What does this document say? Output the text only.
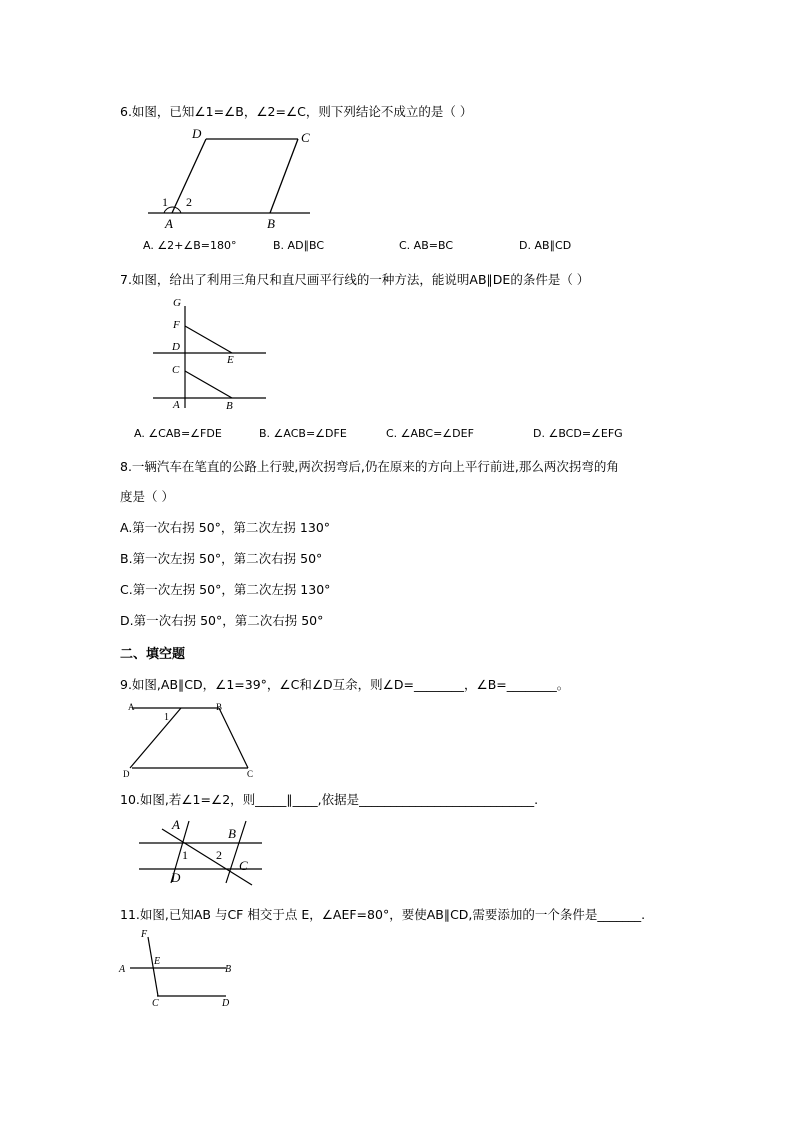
6.如图，已知∠1=∠B，∠2=∠C，则下列结论不成立的是（ ）
D	C
A	B
1 2
A. ∠2+∠B=180°	B. AD∥BC	C. AB=BC	D. AB∥CD
7.如图，给出了利用三角尺和直尺画平行线的一种方法，能说明AB∥DE的条件是（ ）
G
F
D
E
C
A	B
A. ∠CAB=∠FDE	B. ∠ACB=∠DFE	C. ∠ABC=∠DEF	D. ∠BCD=∠EFG
8.一辆汽车在笔直的公路上行驶,两次拐弯后,仍在原来的方向上平行前进,那么两次拐弯的角
度是（ ）
A.第一次右拐 50°，第二次左拐 130°
B.第一次左拐 50°，第二次右拐 50°
C.第一次左拐 50°，第二次左拐 130°
D.第一次右拐 50°，第二次右拐 50°
二、填空题
9.如图,AB∥CD，∠1=39°，∠C和∠D互余，则∠D=________，∠B=________。
A	B
D	C
1
10.如图,若∠1=∠2，则_____∥____,依据是____________________________.
A
B
C
D
1 2
11.如图,已知AB 与CF 相交于点 E，∠AEF=80°，要使AB∥CD,需要添加的一个条件是_______.
F
E
A	B
C	D
